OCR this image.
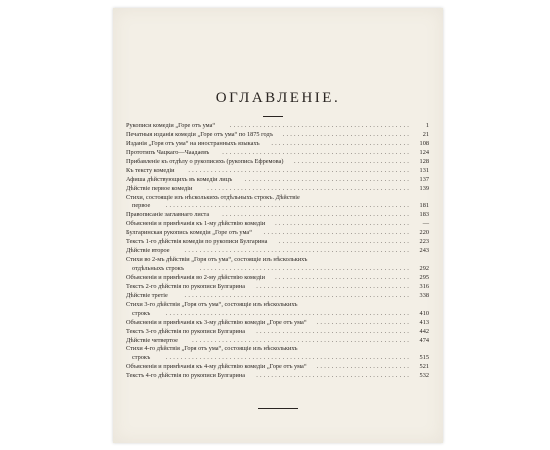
ОГЛАВЛЕНІЕ.
Рукописи комедіи „Горе отъ ума“	................................................ 1
Печатныя изданія комедіи „Горе отъ ума“ по 1875 годъ	.................................. 21
Изданія „Горя отъ ума“ на иностранныхъ языкахъ	..................................... 108
Прототипъ Чацкаго—Чаадаевъ	.................................................. 124
Прибавленіе къ отдѣлу о рукописяхъ (рукопись Ефремова)	............................... 128
Къ тексту комедіи	........................................................... 131
Афиша дѣйствующихъ въ комедіи лицъ	............................................ 137
Дѣйствіе первое комедіи	...................................................... 139
Стихи, состоящіе изъ нѣсколькихъ отдѣльныхъ строкъ. Дѣйствіе
первое	................................................................. 181
Правописаніе заглавнаго листа	.................................................. 183
Объясненія и примѣчанія къ 1-му дѣйствію комедіи	.................................... —
Булгаринская рукопись комедіи „Горе отъ ума“	....................................... 220
Текстъ 1-го дѣйствія комедіи по рукописи Булгарина	................................... 223
Дѣйствіе второе	............................................................ 243
Стихи во 2-мъ дѣйствіи „Горя отъ ума“, состоящіе изъ нѣсколькихъ
отдѣльныхъ строкъ	........................................................ 292
Объясненія и примѣчанія во 2-му дѣйствію комедіи	.................................... 295
Текстъ 2-го дѣйствія по рукописи Булгарина	......................................... 316
Дѣйствіе третіе	............................................................ 338
Стихи 3-го дѣйствія „Горя отъ ума“, состоящіе изъ нѣсколькихъ
строкъ	................................................................. 410
Объясненія и примѣчанія къ 3-му дѣйствію комедіи „Горе отъ ума“	......................... 413
Текстъ 3-го дѣйствія по рукописи Булгарина	......................................... 442
Дѣйствіе четвертое	.......................................................... 474
Стихи 4-го дѣйствія „Горя отъ ума“, состоящіе изъ нѣсколькихъ
строкъ	................................................................. 515
Объясненія и примѣчанія къ 4-му дѣйствію комедіи „Горе отъ ума“	......................... 521
Текстъ 4-го дѣйствія по рукописи Булгарина	......................................... 532
